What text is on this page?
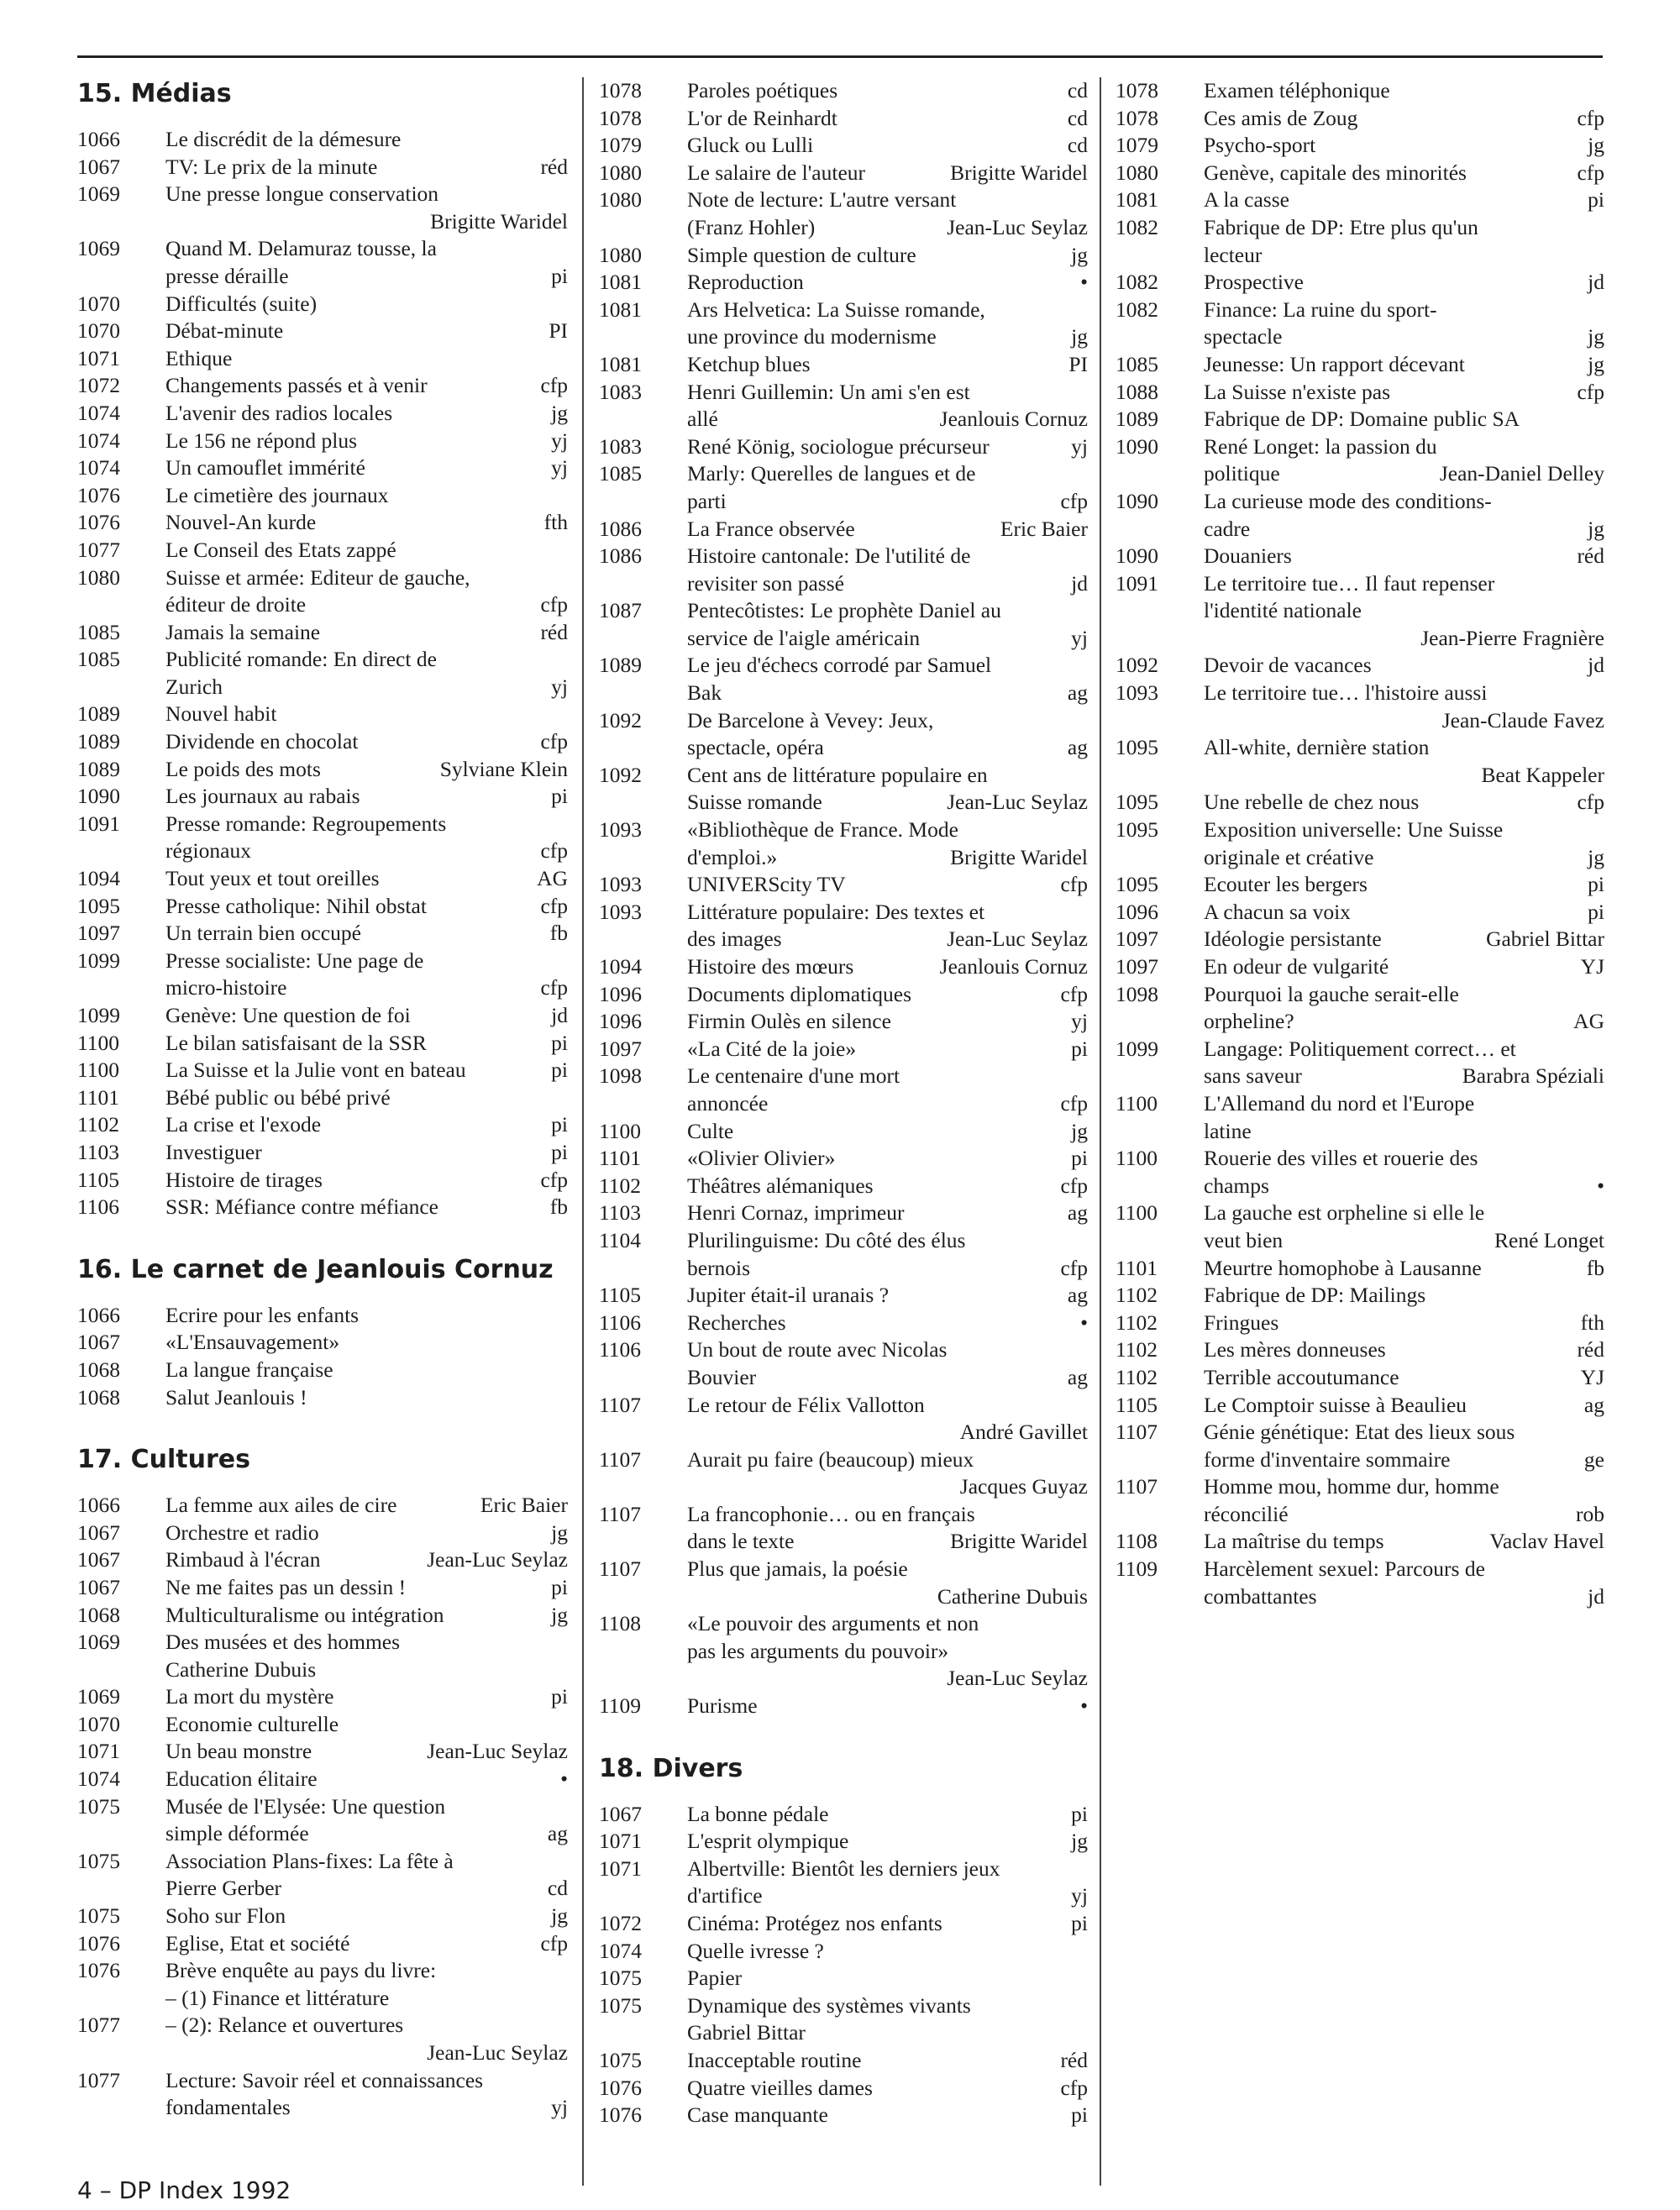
15. Médias
1066	Le discrédit de la démesure
1067	TV: Le prix de la minute	réd
1069	Une presse longue conservation
Brigitte Waridel
1069	Quand M. Delamuraz tousse, la
presse déraille	pi
1070	Difficultés (suite)
1070	Débat-minute	PI
1071	Ethique
1072	Changements passés et à venir	cfp
1074	L'avenir des radios locales	jg
1074	Le 156 ne répond plus	yj
1074	Un camouflet immérité	yj
1076	Le cimetière des journaux
1076	Nouvel-An kurde	fth
1077	Le Conseil des Etats zappé
1080	Suisse et armée: Editeur de gauche,
éditeur de droite	cfp
1085	Jamais la semaine	réd
1085	Publicité romande: En direct de
Zurich	yj
1089	Nouvel habit
1089	Dividende en chocolat	cfp
1089	Le poids des mots	Sylviane Klein
1090	Les journaux au rabais	pi
1091	Presse romande: Regroupements
régionaux	cfp
1094	Tout yeux et tout oreilles	AG
1095	Presse catholique: Nihil obstat	cfp
1097	Un terrain bien occupé	fb
1099	Presse socialiste: Une page de
micro-histoire	cfp
1099	Genève: Une question de foi	jd
1100	Le bilan satisfaisant de la SSR	pi
1100	La Suisse et la Julie vont en bateau	pi
1101	Bébé public ou bébé privé
1102	La crise et l'exode	pi
1103	Investiguer	pi
1105	Histoire de tirages	cfp
1106	SSR: Méfiance contre méfiance	fb
16. Le carnet de Jeanlouis Cornuz
1066	Ecrire pour les enfants
1067	«L'Ensauvagement»
1068	La langue française
1068	Salut Jeanlouis !
17. Cultures
1066	La femme aux ailes de cire	Eric Baier
1067	Orchestre et radio	jg
1067	Rimbaud à l'écran	Jean-Luc Seylaz
1067	Ne me faites pas un dessin !	pi
1068	Multiculturalisme ou intégration	jg
1069	Des musées et des hommes
Catherine Dubuis
1069	La mort du mystère	pi
1070	Economie culturelle
1071	Un beau monstre	Jean-Luc Seylaz
1074	Education élitaire	•
1075	Musée de l'Elysée: Une question
simple déformée	ag
1075	Association Plans-fixes: La fête à
Pierre Gerber	cd
1075	Soho sur Flon	jg
1076	Eglise, Etat et société	cfp
1076	Brève enquête au pays du livre:
– (1) Finance et littérature
1077	– (2): Relance et ouvertures
Jean-Luc Seylaz
1077	Lecture: Savoir réel et connaissances
fondamentales	yj
1078	Paroles poétiques	cd
1078	L'or de Reinhardt	cd
1079	Gluck ou Lulli	cd
1080	Le salaire de l'auteur	Brigitte Waridel
1080	Note de lecture: L'autre versant
(Franz Hohler)	Jean-Luc Seylaz
1080	Simple question de culture	jg
1081	Reproduction	•
1081	Ars Helvetica: La Suisse romande,
une province du modernisme	jg
1081	Ketchup blues	PI
1083	Henri Guillemin: Un ami s'en est
allé	Jeanlouis Cornuz
1083	René König, sociologue précurseur	yj
1085	Marly: Querelles de langues et de
parti	cfp
1086	La France observée	Eric Baier
1086	Histoire cantonale: De l'utilité de
revisiter son passé	jd
1087	Pentecôtistes: Le prophète Daniel au
service de l'aigle américain	yj
1089	Le jeu d'échecs corrodé par Samuel
Bak	ag
1092	De Barcelone à Vevey: Jeux,
spectacle, opéra	ag
1092	Cent ans de littérature populaire en
Suisse romande	Jean-Luc Seylaz
1093	«Bibliothèque de France. Mode
d'emploi.»	Brigitte Waridel
1093	UNIVERScity TV	cfp
1093	Littérature populaire: Des textes et
des images	Jean-Luc Seylaz
1094	Histoire des mœurs	Jeanlouis Cornuz
1096	Documents diplomatiques	cfp
1096	Firmin Oulès en silence	yj
1097	«La Cité de la joie»	pi
1098	Le centenaire d'une mort
annoncée	cfp
1100	Culte	jg
1101	«Olivier Olivier»	pi
1102	Théâtres alémaniques	cfp
1103	Henri Cornaz, imprimeur	ag
1104	Plurilinguisme: Du côté des élus
bernois	cfp
1105	Jupiter était-il uranais ?	ag
1106	Recherches	•
1106	Un bout de route avec Nicolas
Bouvier	ag
1107	Le retour de Félix Vallotton
André Gavillet
1107	Aurait pu faire (beaucoup) mieux
Jacques Guyaz
1107	La francophonie… ou en français
dans le texte	Brigitte Waridel
1107	Plus que jamais, la poésie
Catherine Dubuis
1108	«Le pouvoir des arguments et non
pas les arguments du pouvoir»
Jean-Luc Seylaz
1109	Purisme	•
18. Divers
1067	La bonne pédale	pi
1071	L'esprit olympique	jg
1071	Albertville: Bientôt les derniers jeux
d'artifice	yj
1072	Cinéma: Protégez nos enfants	pi
1074	Quelle ivresse ?
1075	Papier
1075	Dynamique des systèmes vivants
Gabriel Bittar
1075	Inacceptable routine	réd
1076	Quatre vieilles dames	cfp
1076	Case manquante	pi
1078	Examen téléphonique
1078	Ces amis de Zoug	cfp
1079	Psycho-sport	jg
1080	Genève, capitale des minorités	cfp
1081	A la casse	pi
1082	Fabrique de DP: Etre plus qu'un
lecteur
1082	Prospective	jd
1082	Finance: La ruine du sport-
spectacle	jg
1085	Jeunesse: Un rapport décevant	jg
1088	La Suisse n'existe pas	cfp
1089	Fabrique de DP: Domaine public SA
1090	René Longet: la passion du
politique	Jean-Daniel Delley
1090	La curieuse mode des conditions-
cadre	jg
1090	Douaniers	réd
1091	Le territoire tue… Il faut repenser
l'identité nationale
Jean-Pierre Fragnière
1092	Devoir de vacances	jd
1093	Le territoire tue… l'histoire aussi
Jean-Claude Favez
1095	All-white, dernière station
Beat Kappeler
1095	Une rebelle de chez nous	cfp
1095	Exposition universelle: Une Suisse
originale et créative	jg
1095	Ecouter les bergers	pi
1096	A chacun sa voix	pi
1097	Idéologie persistante	Gabriel Bittar
1097	En odeur de vulgarité	YJ
1098	Pourquoi la gauche serait-elle
orpheline?	AG
1099	Langage: Politiquement correct… et
sans saveur	Barabra Spéziali
1100	L'Allemand du nord et l'Europe
latine
1100	Rouerie des villes et rouerie des
champs	•
1100	La gauche est orpheline si elle le
veut bien	René Longet
1101	Meurtre homophobe à Lausanne	fb
1102	Fabrique de DP: Mailings
1102	Fringues	fth
1102	Les mères donneuses	réd
1102	Terrible accoutumance	YJ
1105	Le Comptoir suisse à Beaulieu	ag
1107	Génie génétique: Etat des lieux sous
forme d'inventaire sommaire	ge
1107	Homme mou, homme dur, homme
réconcilié	rob
1108	La maîtrise du temps	Vaclav Havel
1109	Harcèlement sexuel: Parcours de
combattantes	jd
4 – DP Index 1992
